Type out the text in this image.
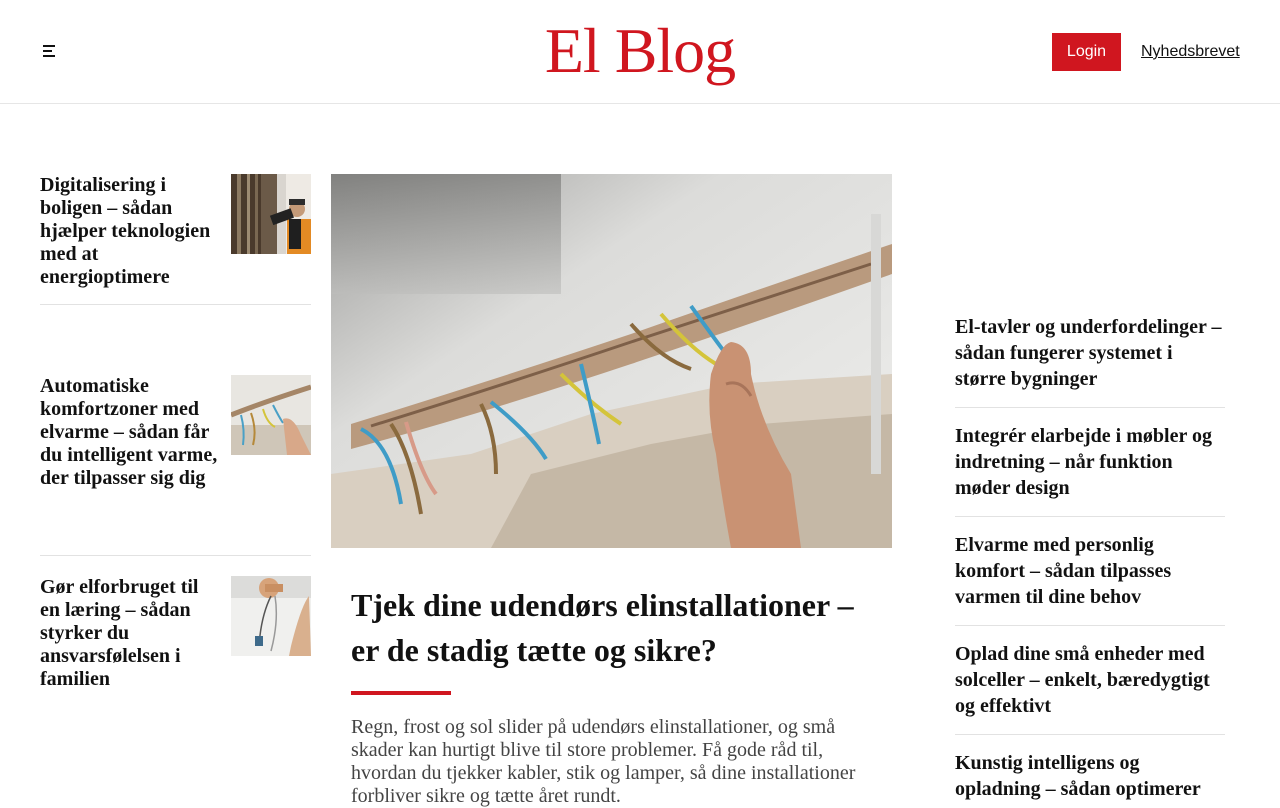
El Blog	Login	Nyhedsbrevet
Digitalisering i boligen – sådan hjælper teknologien med at energioptimere
Automatiske komfortzoner med elvarme – sådan får du intelligent varme, der tilpasser sig dig
Gør elforbruget til en læring – sådan styrker du ansvarsfølelsen i familien
Tjek dine udendørs elinstallationer – er de stadig tætte og sikre?
Regn, frost og sol slider på udendørs elinstallationer, og små skader kan hurtigt blive til store problemer. Få gode råd til, hvordan du tjekker kabler, stik og lamper, så dine installationer forbliver sikre og tætte året rundt.
El-tavler og underfordelinger – sådan fungerer systemet i større bygninger
Integrér elarbejde i møbler og indretning – når funktion møder design
Elvarme med personlig komfort – sådan tilpasses varmen til dine behov
Oplad dine små enheder med solceller – enkelt, bæredygtigt og effektivt
Kunstig intelligens og opladning – sådan optimerer
